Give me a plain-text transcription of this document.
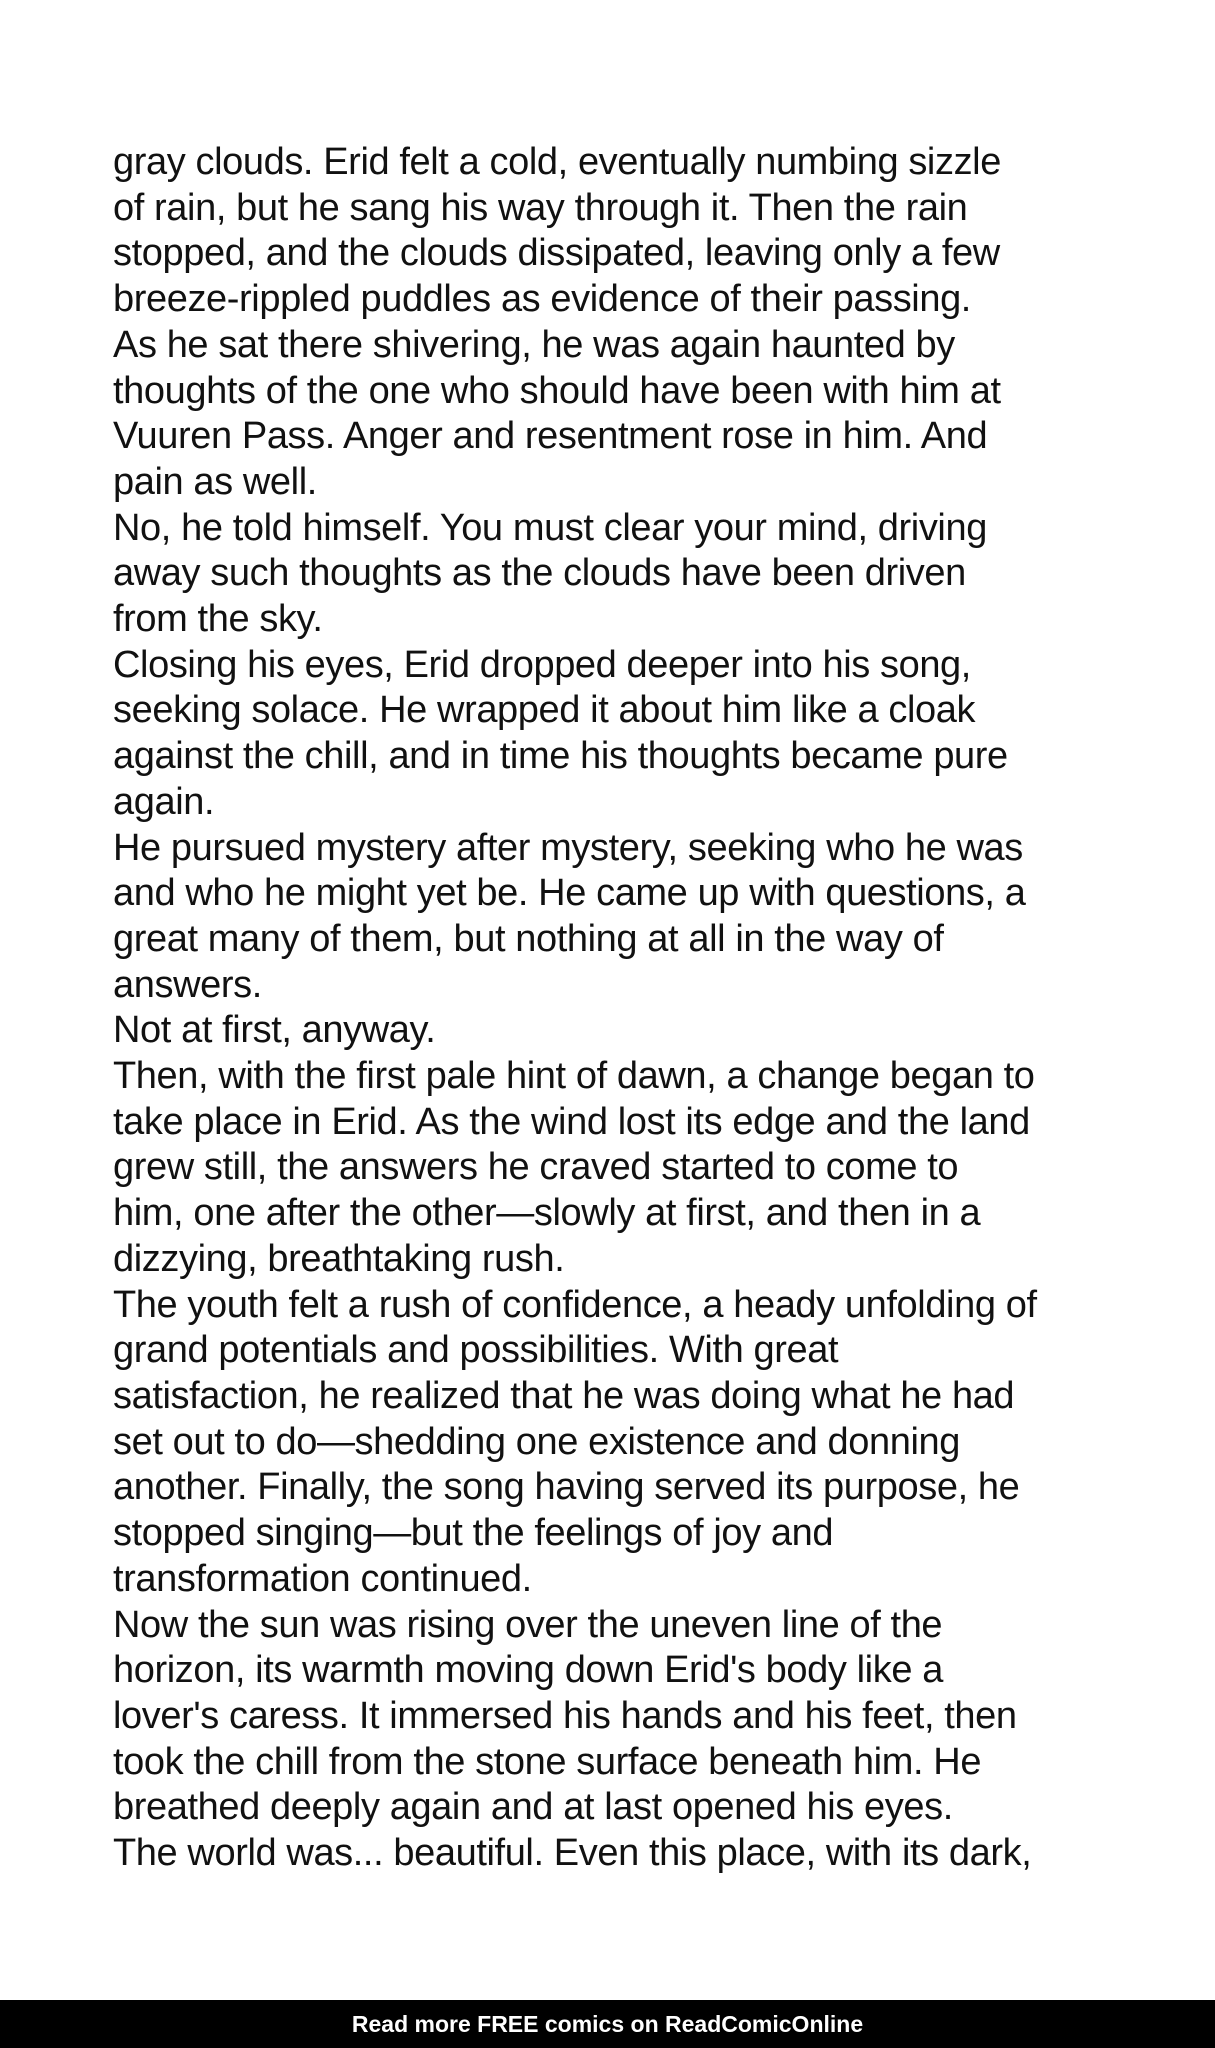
gray clouds. Erid felt a cold, eventually numbing sizzle
of rain, but he sang his way through it. Then the rain
stopped, and the clouds dissipated, leaving only a few
breeze-rippled puddles as evidence of their passing.
As he sat there shivering, he was again haunted by
thoughts of the one who should have been with him at
Vuuren Pass. Anger and resentment rose in him. And
pain as well.
No, he told himself. You must clear your mind, driving
away such thoughts as the clouds have been driven
from the sky.
Closing his eyes, Erid dropped deeper into his song,
seeking solace. He wrapped it about him like a cloak
against the chill, and in time his thoughts became pure
again.
He pursued mystery after mystery, seeking who he was
and who he might yet be. He came up with questions, a
great many of them, but nothing at all in the way of
answers.
Not at first, anyway.
Then, with the first pale hint of dawn, a change began to
take place in Erid. As the wind lost its edge and the land
grew still, the answers he craved started to come to
him, one after the other—slowly at first, and then in a
dizzying, breathtaking rush.
The youth felt a rush of confidence, a heady unfolding of
grand potentials and possibilities. With great
satisfaction, he realized that he was doing what he had
set out to do—shedding one existence and donning
another. Finally, the song having served its purpose, he
stopped singing—but the feelings of joy and
transformation continued.
Now the sun was rising over the uneven line of the
horizon, its warmth moving down Erid's body like a
lover's caress. It immersed his hands and his feet, then
took the chill from the stone surface beneath him. He
breathed deeply again and at last opened his eyes.
The world was... beautiful. Even this place, with its dark,
Read more FREE comics on ReadComicOnline
